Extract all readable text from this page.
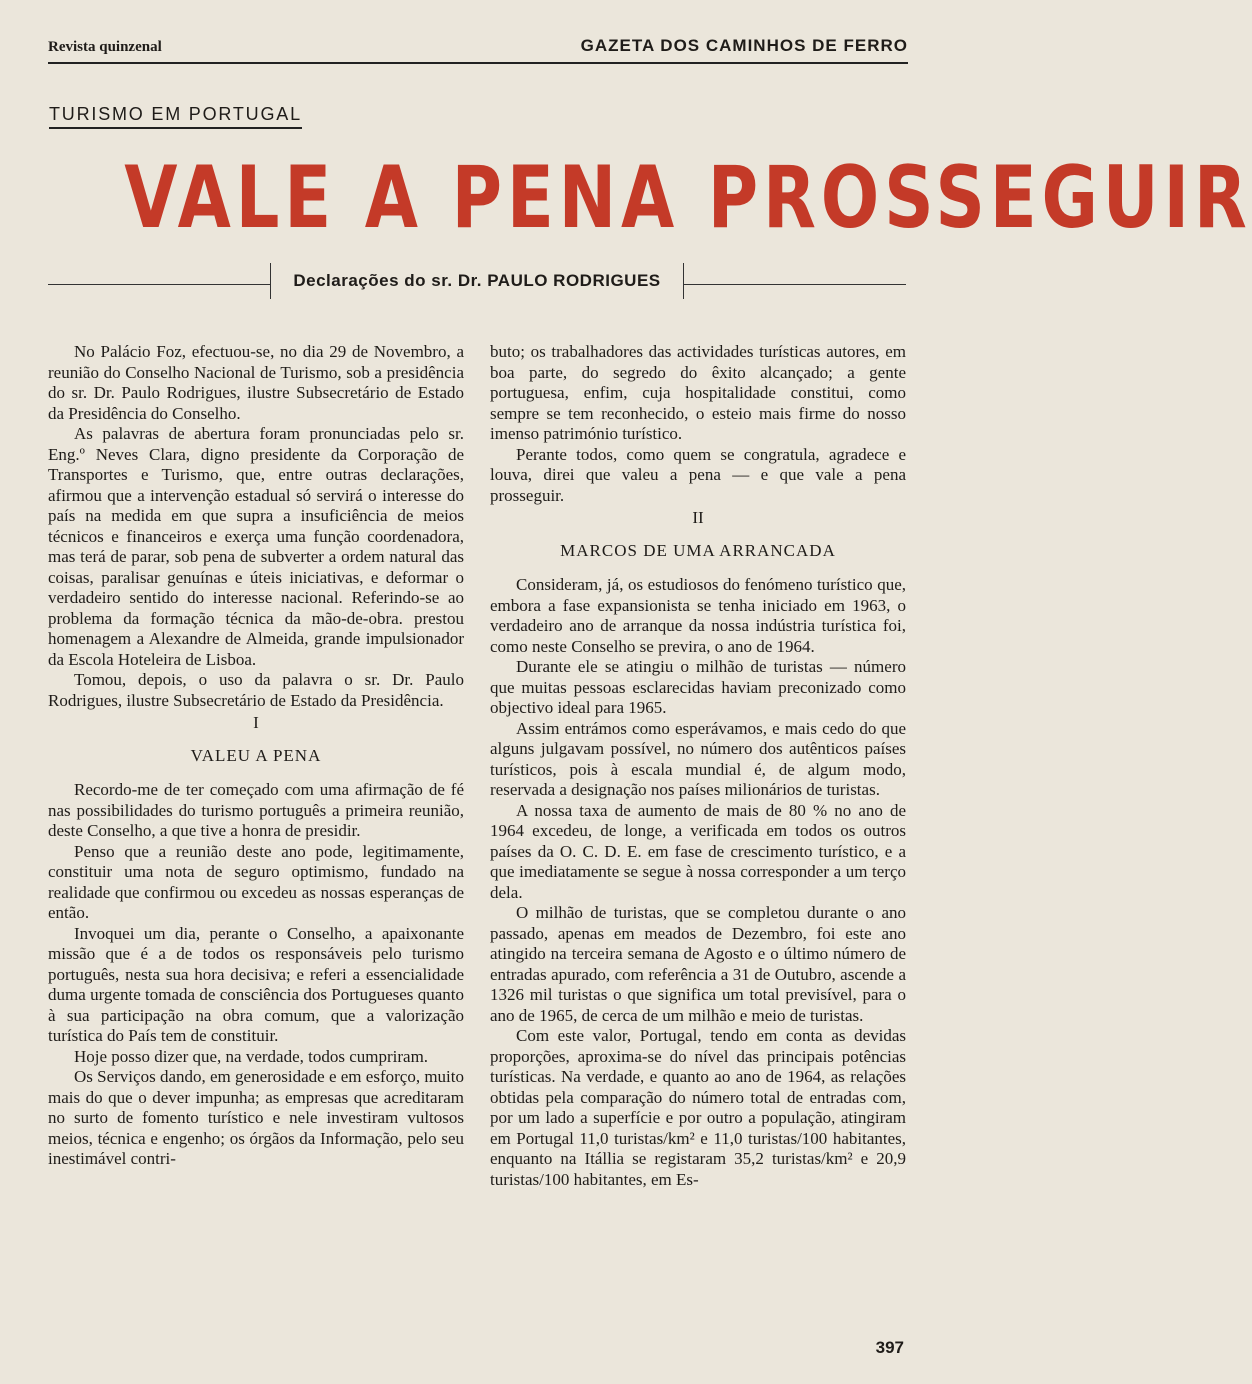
Revista quinzenal	GAZETA DOS CAMINHOS DE FERRO
TURISMO EM PORTUGAL
VALE A PENA PROSSEGUIR
Declarações do sr. Dr. PAULO RODRIGUES

No Palácio Foz, efectuou-se, no dia 29 de Novembro, a reunião do Conselho Nacional de Turismo, sob a presidência do sr. Dr. Paulo Rodrigues, ilustre Subsecretário de Estado da Presidência do Conselho.

As palavras de abertura foram pronunciadas pelo sr. Eng.º Neves Clara, digno presidente da Corporação de Transportes e Turismo, que, entre outras declarações, afirmou que a intervenção estadual só servirá o interesse do país na medida em que supra a insuficiência de meios técnicos e financeiros e exerça uma função coordenadora, mas terá de parar, sob pena de subverter a ordem natural das coisas, paralisar genuínas e úteis iniciativas, e deformar o verdadeiro sentido do interesse nacional. Referindo-se ao problema da formação técnica da mão-de-obra. prestou homenagem a Alexandre de Almeida, grande impulsionador da Escola Hoteleira de Lisboa.

Tomou, depois, o uso da palavra o sr. Dr. Paulo Rodrigues, ilustre Subsecretário de Estado da Presidência.

I

VALEU A PENA

Recordo-me de ter começado com uma afirmação de fé nas possibilidades do turismo português a primeira reunião, deste Conselho, a que tive a honra de presidir.

Penso que a reunião deste ano pode, legitimamente, constituir uma nota de seguro optimismo, fundado na realidade que confirmou ou excedeu as nossas esperanças de então.

Invoquei um dia, perante o Conselho, a apaixonante missão que é a de todos os responsáveis pelo turismo português, nesta sua hora decisiva; e referi a essencialidade duma urgente tomada de consciência dos Portugueses quanto à sua participação na obra comum, que a valorização turística do País tem de constituir.

Hoje posso dizer que, na verdade, todos cumpriram.

Os Serviços dando, em generosidade e em esforço, muito mais do que o dever impunha; as empresas que acreditaram no surto de fomento turístico e nele investiram vultosos meios, técnica e engenho; os órgãos da Informação, pelo seu inestimável contri-

buto; os trabalhadores das actividades turísticas autores, em boa parte, do segredo do êxito alcançado; a gente portuguesa, enfim, cuja hospitalidade constitui, como sempre se tem reconhecido, o esteio mais firme do nosso imenso património turístico.

Perante todos, como quem se congratula, agradece e louva, direi que valeu a pena — e que vale a pena prosseguir.

II

MARCOS DE UMA ARRANCADA

Consideram, já, os estudiosos do fenómeno turístico que, embora a fase expansionista se tenha iniciado em 1963, o verdadeiro ano de arranque da nossa indústria turística foi, como neste Conselho se previra, o ano de 1964.

Durante ele se atingiu o milhão de turistas — número que muitas pessoas esclarecidas haviam preconizado como objectivo ideal para 1965.

Assim entrámos como esperávamos, e mais cedo do que alguns julgavam possível, no número dos autênticos países turísticos, pois à escala mundial é, de algum modo, reservada a designação nos países milionários de turistas.

A nossa taxa de aumento de mais de 80 % no ano de 1964 excedeu, de longe, a verificada em todos os outros países da O. C. D. E. em fase de crescimento turístico, e a que imediatamente se segue à nossa corresponder a um terço dela.

O milhão de turistas, que se completou durante o ano passado, apenas em meados de Dezembro, foi este ano atingido na terceira semana de Agosto e o último número de entradas apurado, com referência a 31 de Outubro, ascende a 1326 mil turistas o que significa um total previsível, para o ano de 1965, de cerca de um milhão e meio de turistas.

Com este valor, Portugal, tendo em conta as devidas proporções, aproxima-se do nível das principais potências turísticas. Na verdade, e quanto ao ano de 1964, as relações obtidas pela comparação do número total de entradas com, por um lado a superfície e por outro a população, atingiram em Portugal 11,0 turistas/km² e 11,0 turistas/100 habitantes, enquanto na Itállia se registaram 35,2 turistas/km² e 20,9 turistas/100 habitantes, em Es-

397
